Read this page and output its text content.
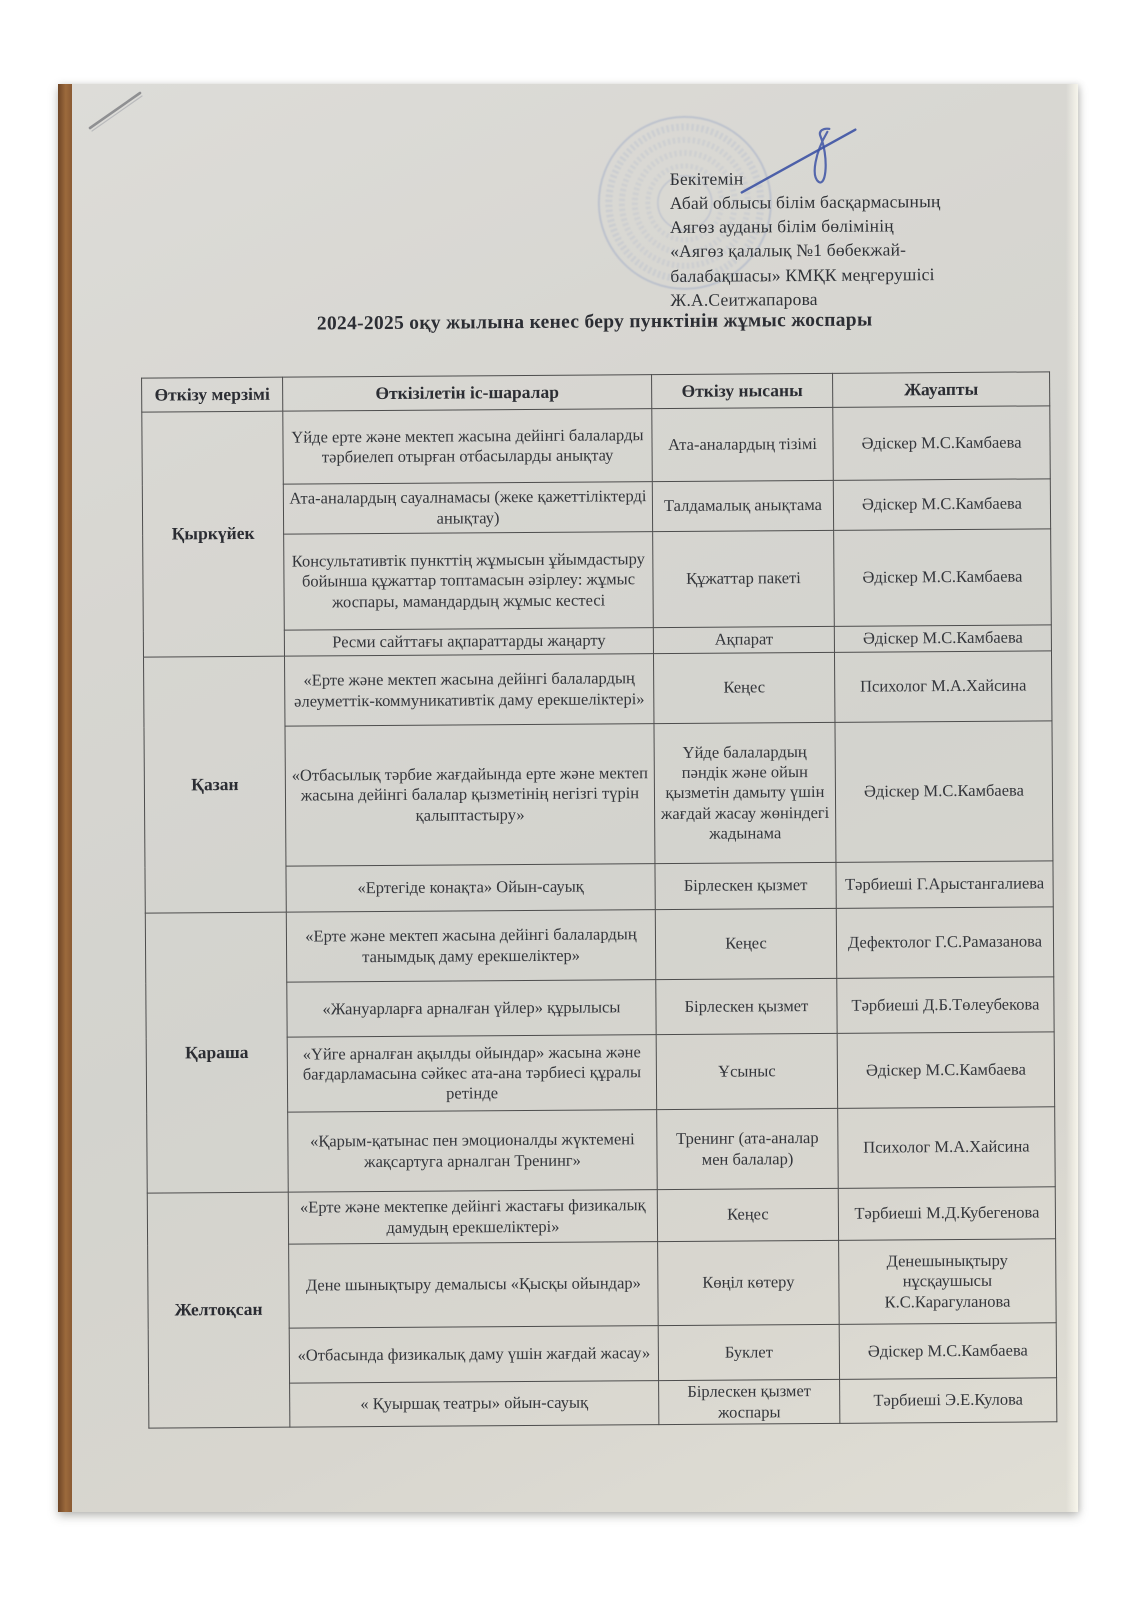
Бекітемін
Абай облысы білім басқармасының
Аягөз ауданы білім бөлімінің
«Аягөз қалалық №1 бөбекжай-
балабақшасы» КМҚК меңгерушісі
Ж.А.Сеитжапарова
2024-2025 оқу жылына кенес беру пунктінін жұмыс жоспары
Өткізу мерзімі	Өткізілетін іс-шаралар	Өткізу нысаны	Жауапты
Қыркүйек	Үйде ерте және мектеп жасына дейінгі балаларды тәрбиелеп отырған отбасыларды анықтау	Ата-аналардың тізімі	Әдіскер М.С.Камбаева
	Ата-аналардың сауалнамасы (жеке қажеттіліктерді анықтау)	Талдамалық анықтама	Әдіскер М.С.Камбаева
	Консультативтік пункттің жұмысын ұйымдастыру бойынша құжаттар топтамасын әзірлеу: жұмыс жоспары, мамандардың жұмыс кестесі	Құжаттар пакеті	Әдіскер М.С.Камбаева
	Ресми сайттағы ақпараттарды жаңарту	Ақпарат	Әдіскер М.С.Камбаева
Қазан	«Ерте және мектеп жасына дейінгі балалардың әлеуметтік-коммуникативтік даму ерекшеліктері»	Кеңес	Психолог М.А.Хайсина
	«Отбасылық тәрбие жағдайында ерте және мектеп жасына дейінгі балалар қызметінің негізгі түрін қалыптастыру»	Үйде балалардың пәндік және ойын қызметін дамыту үшін жағдай жасау жөніндегі жадынама	Әдіскер М.С.Камбаева
	«Ертегіде конақта» Ойын-сауық	Бірлескен қызмет	Тәрбиеші Г.Арыстангалиева
Қараша	«Ерте және мектеп жасына дейінгі балалардың танымдық даму ерекшеліктер»	Кеңес	Дефектолог Г.С.Рамазанова
	«Жануарларға арналған үйлер» құрылысы	Бірлескен қызмет	Тәрбиеші Д.Б.Төлеубекова
	«Үйге арналған ақылды ойындар» жасына және бағдарламасына сәйкес ата-ана тәрбиесі құралы ретінде	Ұсыныс	Әдіскер М.С.Камбаева
	«Қарым-қатынас пен эмоционалды жүктемені жақсартуга арналган Тренинг»	Тренинг (ата-аналар мен балалар)	Психолог М.А.Хайсина
Желтоқсан	«Ерте және мектепке дейінгі жастағы физикалық дамудың ерекшеліктері»	Кеңес	Тәрбиеші М.Д.Кубегенова
	Дене шынықтыру демалысы «Қысқы ойындар»	Көңіл көтеру	Денешынықтыру нұсқаушысы К.С.Карагуланова
	«Отбасында физикалық даму үшін жағдай жасау»	Буклет	Әдіскер М.С.Камбаева
	« Қуыршақ театры» ойын-сауық	Бірлескен қызмет жоспары	Тәрбиеші Э.Е.Кулова
